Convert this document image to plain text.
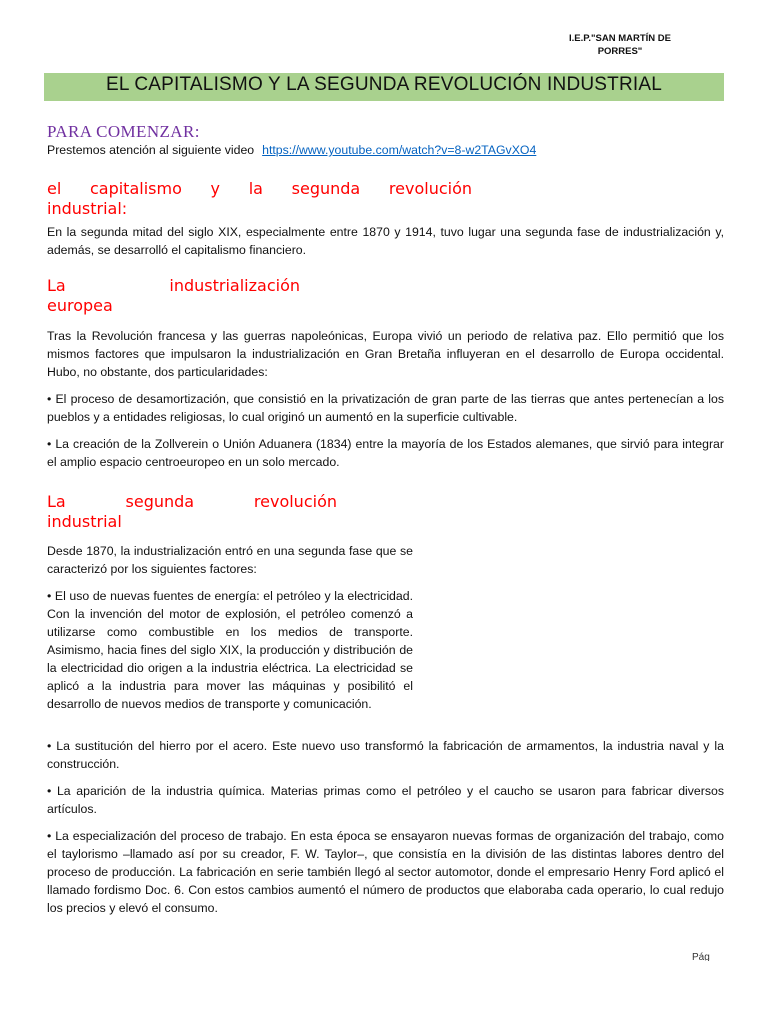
I.E.P."SAN MARTÍN DE
PORRES"
EL CAPITALISMO Y LA SEGUNDA REVOLUCIÓN INDUSTRIAL
PARA COMENZAR:
Prestemos atención al siguiente video https://www.youtube.com/watch?v=8-w2TAGvXO4
el capitalismo y la segunda revolución
industrial:

En la segunda mitad del siglo XIX, especialmente entre 1870 y 1914, tuvo lugar una segunda fase de industrialización y, además, se desarrolló el capitalismo financiero.

La industrialización
europea

Tras la Revolución francesa y las guerras napoleónicas, Europa vivió un periodo de relativa paz. Ello permitió que los mismos factores que impulsaron la industrialización en Gran Bretaña influyeran en el desarrollo de Europa occidental. Hubo, no obstante, dos particularidades:

• El proceso de desamortización, que consistió en la privatización de gran parte de las tierras que antes pertenecían a los pueblos y a entidades religiosas, lo cual originó un aumentó en la superficie cultivable.

• La creación de la Zollverein o Unión Aduanera (1834) entre la mayoría de los Estados alemanes, que sirvió para integrar el amplio espacio centroeuropeo en un solo mercado.

La segunda revolución
industrial

Desde 1870, la industrialización entró en una segunda fase que se caracterizó por los siguientes factores:

• El uso de nuevas fuentes de energía: el petróleo y la electricidad. Con la invención del motor de explosión, el petróleo comenzó a utilizarse como combustible en los medios de transporte. Asimismo, hacia fines del siglo XIX, la producción y distribución de la electricidad dio origen a la industria eléctrica. La electricidad se aplicó a la industria para mover las máquinas y posibilitó el desarrollo de nuevos medios de transporte y comunicación.

• La sustitución del hierro por el acero. Este nuevo uso transformó la fabricación de armamentos, la industria naval y la construcción.

• La aparición de la industria química. Materias primas como el petróleo y el caucho se usaron para fabricar diversos artículos.

• La especialización del proceso de trabajo. En esta época se ensayaron nuevas formas de organización del trabajo, como el taylorismo –llamado así por su creador, F. W. Taylor–, que consistía en la división de las distintas labores dentro del proceso de producción. La fabricación en serie también llegó al sector automotor, donde el empresario Henry Ford aplicó el llamado fordismo Doc. 6. Con estos cambios aumentó el número de productos que elaboraba cada operario, lo cual redujo los precios y elevó el consumo.

Pág
